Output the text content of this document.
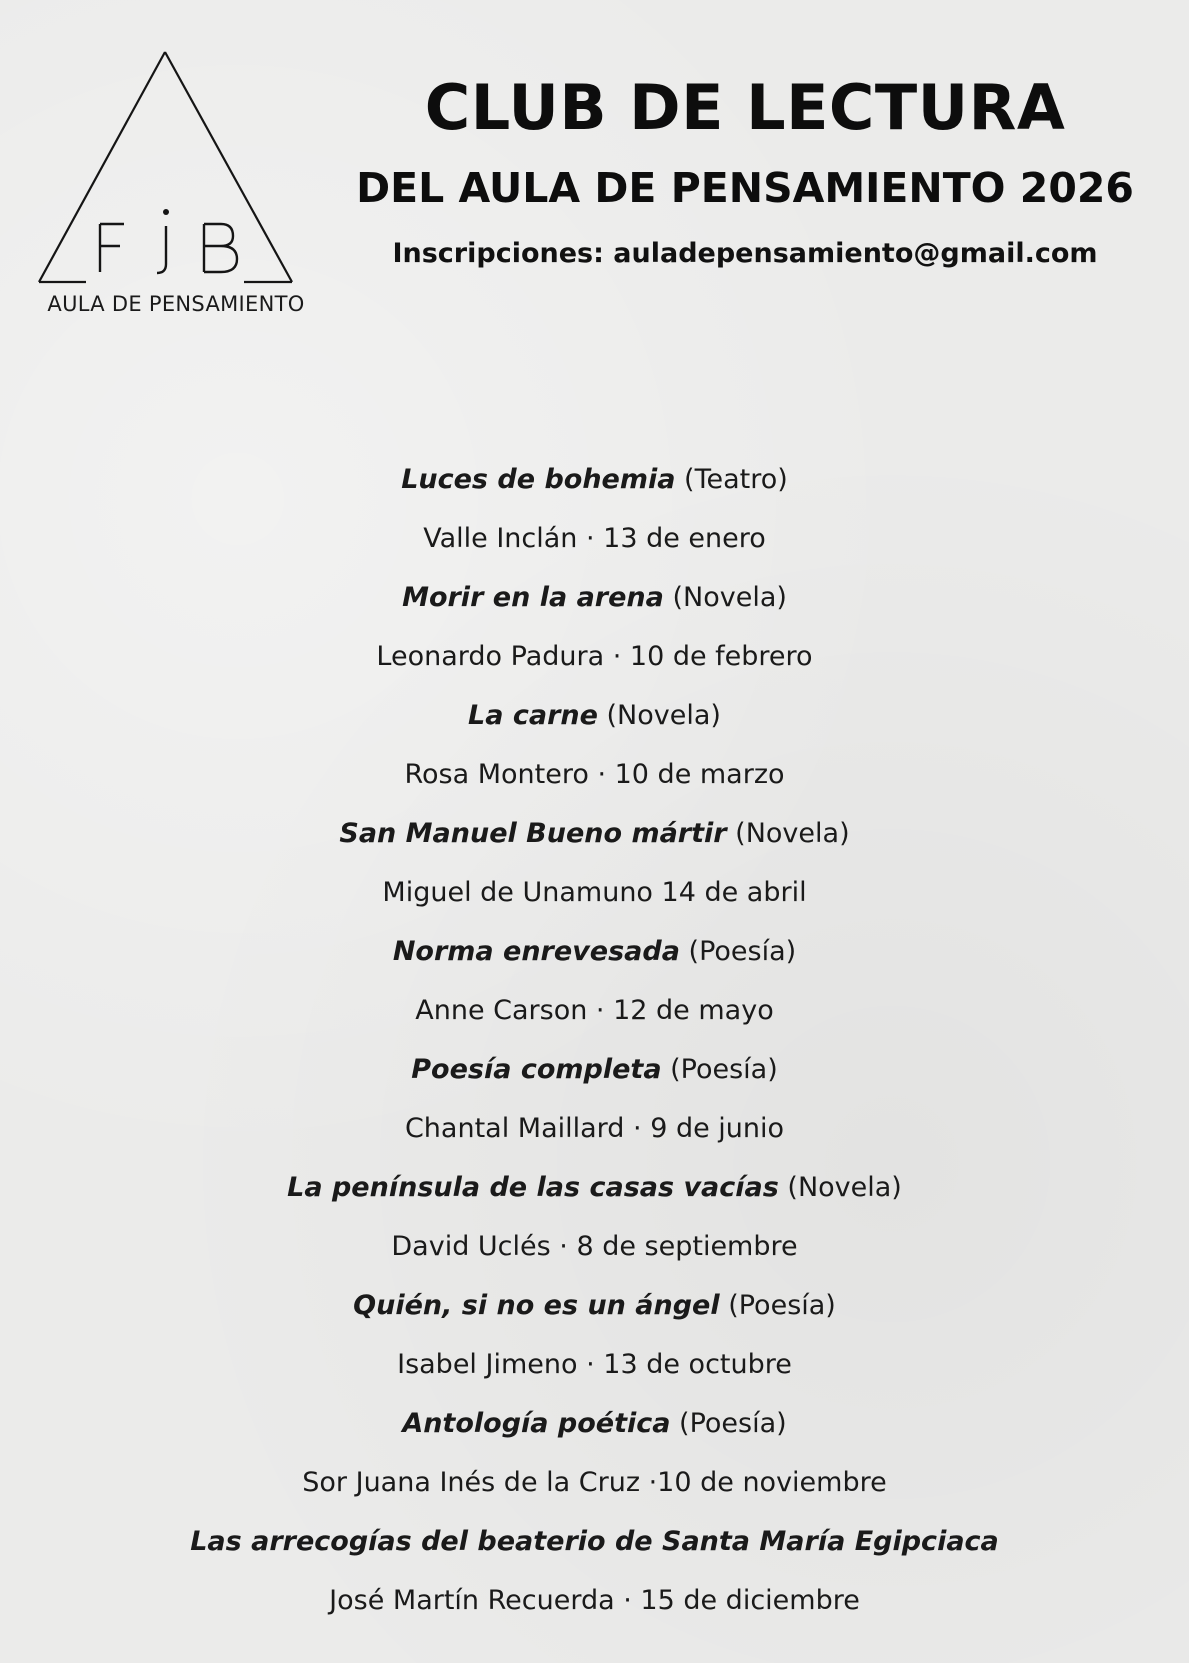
AULA DE PENSAMIENTO
CLUB DE LECTURA
DEL AULA DE PENSAMIENTO 2026
Inscripciones: auladepensamiento@gmail.com
Luces de bohemia (Teatro)
Valle Inclán · 13 de enero
Morir en la arena (Novela)
Leonardo Padura · 10 de febrero
La carne (Novela)
Rosa Montero · 10 de marzo
San Manuel Bueno mártir (Novela)
Miguel de Unamuno 14 de abril
Norma enrevesada (Poesía)
Anne Carson · 12 de mayo
Poesía completa (Poesía)
Chantal Maillard · 9 de junio
La península de las casas vacías (Novela)
David Uclés · 8 de septiembre
Quién, si no es un ángel (Poesía)
Isabel Jimeno · 13 de octubre
Antología poética (Poesía)
Sor Juana Inés de la Cruz ·10 de noviembre
Las arrecogías del beaterio de Santa María Egipciaca
José Martín Recuerda · 15 de diciembre
